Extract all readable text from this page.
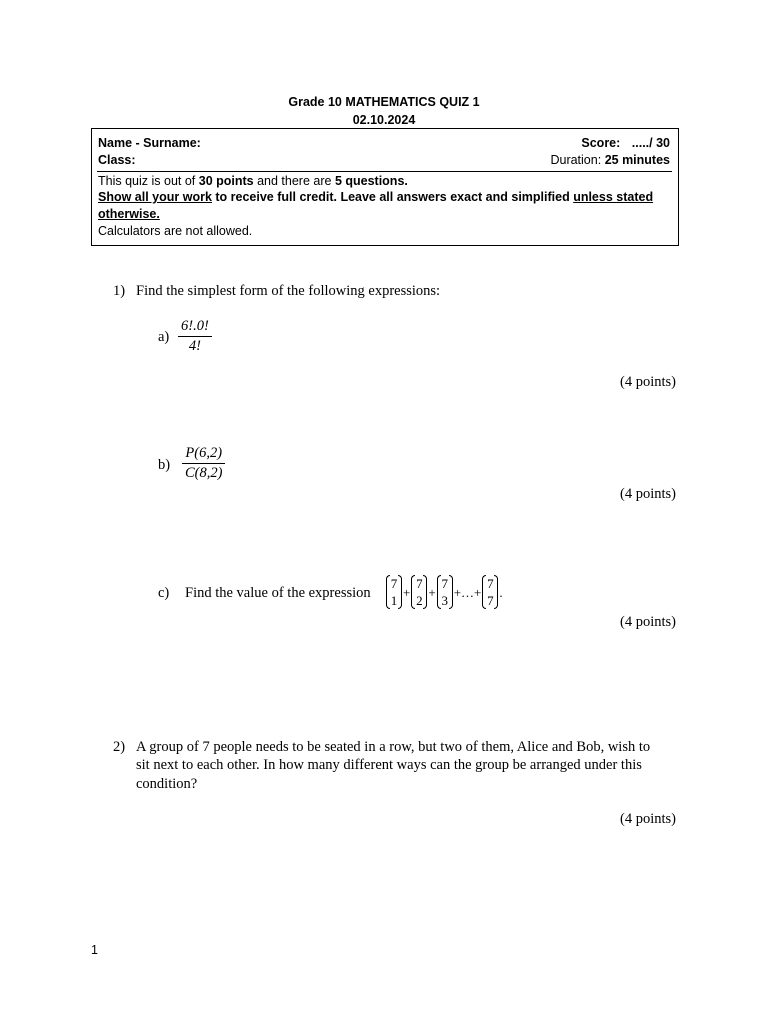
Grade 10 MATHEMATICS QUIZ 1
02.10.2024
Name - Surname:	Score: ...../ 30
Class:	Duration: 25 minutes
This quiz is out of 30 points and there are 5 questions.
Show all your work to receive full credit. Leave all answers exact and simplified unless stated
otherwise.
Calculators are not allowed.
1) Find the simplest form of the following expressions:
a)
6!.0!
4!
(4 points)
b)
P(6,2)
C(8,2)
(4 points)
c) Find the value of the expression
7
1
+
7
2
+
7
3
+…+
7
7
.
(4 points)
2) A group of 7 people needs to be seated in a row, but two of them, Alice and Bob, wish to
sit next to each other. In how many different ways can the group be arranged under this
condition?
(4 points)
1
